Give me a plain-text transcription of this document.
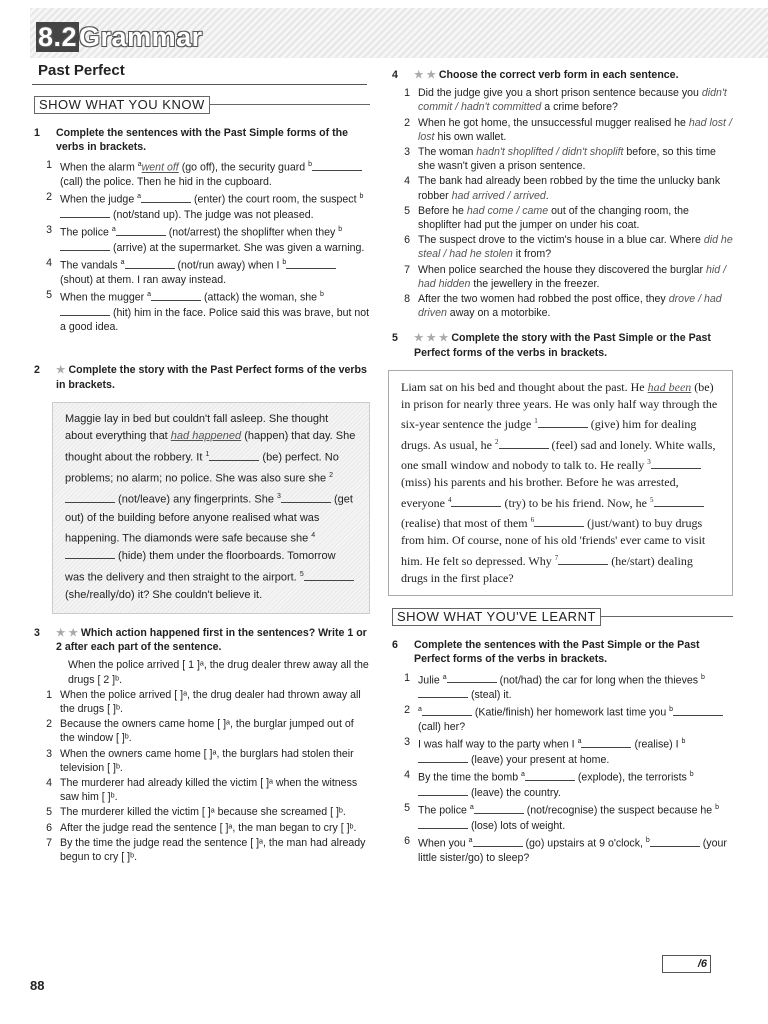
8.2Grammar
Past Perfect
SHOW WHAT YOU KNOW
1	Complete the sentences with the Past Simple forms of the verbs in brackets.
1 When the alarm $^a$went off (go off), the security guard $^b$ (call) the police. Then he hid in the cupboard.
2 When the judge $^a$	(enter) the court room, the suspect $^b$ (not/stand up). The judge was not pleased.
3 The police $^a$	(not/arrest) the shoplifter when they $^b$ (arrive) at the supermarket. She was given a warning.
4 The vandals $^a$	(not/run away) when I $^b$ (shout) at them. I ran away instead.
5 When the mugger $^a$	(attack) the woman, she $^b$ (hit) him in the face. Police said this was brave, but not a good idea.
2	★ Complete the story with the Past Perfect forms of the verbs in brackets.
Maggie lay in bed but couldn't fall asleep. She thought about everything that had happened (happen) that day. She thought about the robbery. It $^1$	(be) perfect. No problems; no alarm; no police. She was also sure she $^2$ (not/leave) any fingerprints. She $^3$	(get out) of the building before anyone realised what was happening. The diamonds were safe because she $^4$ (hide) them under the floorboards. Tomorrow was the delivery and then straight to the airport. $^5$ (she/really/do) it? She couldn't believe it.
3	★ ★ Which action happened first in the sentences? Write 1 or 2 after each part of the sentence.
When the police arrived [ 1 ]ᵃ, the drug dealer threw away all the drugs [ 2 ]ᵇ.
1 When the police arrived [ ]ᵃ, the drug dealer had thrown away all the drugs [ ]ᵇ.
2 Because the owners came home [ ]ᵃ, the burglar jumped out of the window [ ]ᵇ.
3 When the owners came home [ ]ᵃ, the burglars had stolen their television [ ]ᵇ.
4 The murderer had already killed the victim [ ]ᵃ when the witness saw him [ ]ᵇ.
5 The murderer killed the victim [ ]ᵃ because she screamed [ ]ᵇ.
6 After the judge read the sentence [ ]ᵃ, the man began to cry [ ]ᵇ.
7 By the time the judge read the sentence [ ]ᵃ, the man had already begun to cry [ ]ᵇ.
4	★ ★ Choose the correct verb form in each sentence.
1 Did the judge give you a short prison sentence because you didn't commit / hadn't committed a crime before?
2 When he got home, the unsuccessful mugger realised he had lost / lost his own wallet.
3 The woman hadn't shoplifted / didn't shoplift before, so this time she wasn't given a prison sentence.
4 The bank had already been robbed by the time the unlucky bank robber had arrived / arrived.
5 Before he had come / came out of the changing room, the shoplifter had put the jumper on under his coat.
6 The suspect drove to the victim's house in a blue car. Where did he steal / had he stolen it from?
7 When police searched the house they discovered the burglar hid / had hidden the jewellery in the freezer.
8 After the two women had robbed the post office, they drove / had driven away on a motorbike.
5	★ ★ ★ Complete the story with the Past Simple or the Past Perfect forms of the verbs in brackets.
Liam sat on his bed and thought about the past. He had been (be) in prison for nearly three years. He was only half way through the six-year sentence the judge $^1$	(give) him for dealing drugs. As usual, he $^2$	(feel) sad and lonely. White walls, one small window and nobody to talk to. He really $^3$ (miss) his parents and his brother. Before he was arrested, everyone $^4$	(try) to be his friend. Now, he $^5$ (realise) that most of them $^6$	(just/want) to buy drugs from him. Of course, none of his old 'friends' ever came to visit him. He felt so depressed. Why $^7$	(he/start) dealing drugs in the first place?
SHOW WHAT YOU'VE LEARNT
6	Complete the sentences with the Past Simple or the Past Perfect forms of the verbs in brackets.
1 Julie $^a$	(not/had) the car for long when the thieves $^b$ (steal) it.
2	$^a$	(Katie/finish) her homework last time you $^b$ (call) her?
3 I was half way to the party when I $^a$	(realise) I $^b$ (leave) your present at home.
4 By the time the bomb $^a$	(explode), the terrorists $^b$ (leave) the country.
5 The police $^a$	(not/recognise) the suspect because he $^b$ (lose) lots of weight.
6 When you $^a$	(go) upstairs at 9 o'clock, $^b$	(your little sister/go) to sleep?
/6
88
